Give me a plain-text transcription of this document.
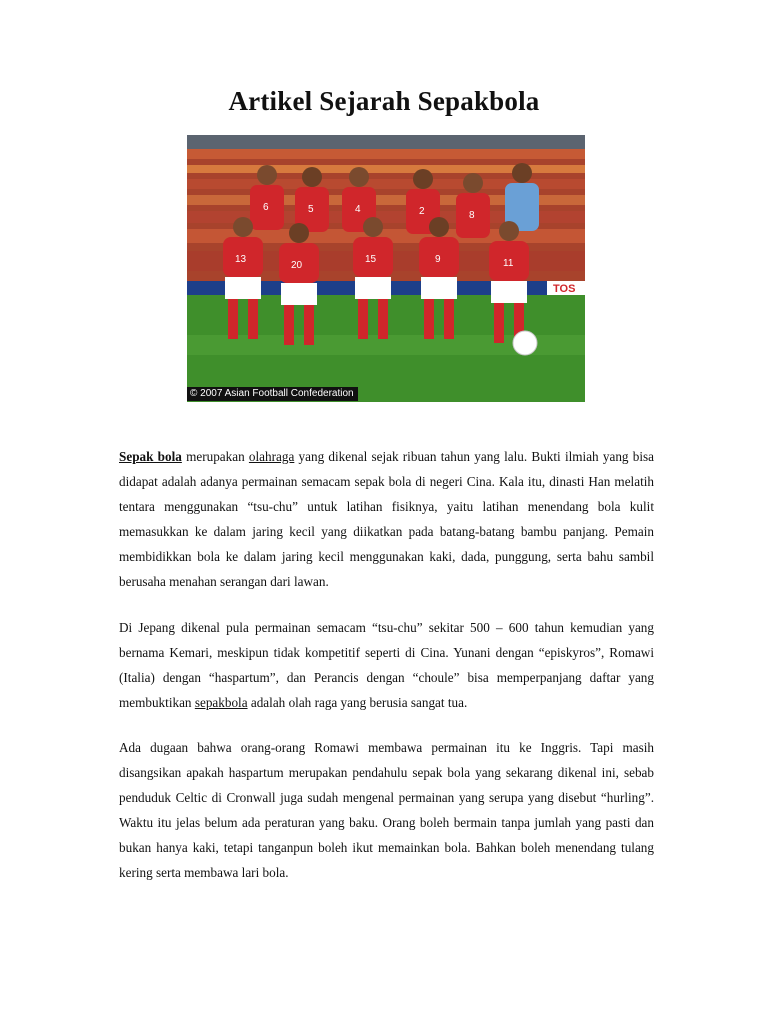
Artikel Sejarah Sepakbola
TOS
6	5	4	2	8
13
20
15	9	11
© 2007 Asian Football Confederation

Sepak bola merupakan olahraga yang dikenal sejak ribuan tahun yang lalu. Bukti ilmiah yang bisa didapat adalah adanya permainan semacam sepak bola di negeri Cina. Kala itu, dinasti Han melatih tentara menggunakan “tsu-chu” untuk latihan fisiknya, yaitu latihan menendang bola kulit memasukkan ke dalam jaring kecil yang diikatkan pada batang-batang bambu panjang. Pemain membidikkan bola ke dalam jaring kecil menggunakan kaki, dada, punggung, serta bahu sambil berusaha menahan serangan dari lawan.

Di Jepang dikenal pula permainan semacam “tsu-chu” sekitar 500 – 600 tahun kemudian yang bernama Kemari, meskipun tidak kompetitif seperti di Cina. Yunani dengan “episkyros”, Romawi (Italia) dengan “haspartum”, dan Perancis dengan “choule” bisa memperpanjang daftar yang membuktikan sepakbola adalah olah raga yang berusia sangat tua.

Ada dugaan bahwa orang-orang Romawi membawa permainan itu ke Inggris. Tapi masih disangsikan apakah haspartum merupakan pendahulu sepak bola yang sekarang dikenal ini, sebab penduduk Celtic di Cronwall juga sudah mengenal permainan yang serupa yang disebut “hurling”. Waktu itu jelas belum ada peraturan yang baku. Orang boleh bermain tanpa jumlah yang pasti dan bukan hanya kaki, tetapi tanganpun boleh ikut memainkan bola. Bahkan boleh menendang tulang kering serta membawa lari bola.
